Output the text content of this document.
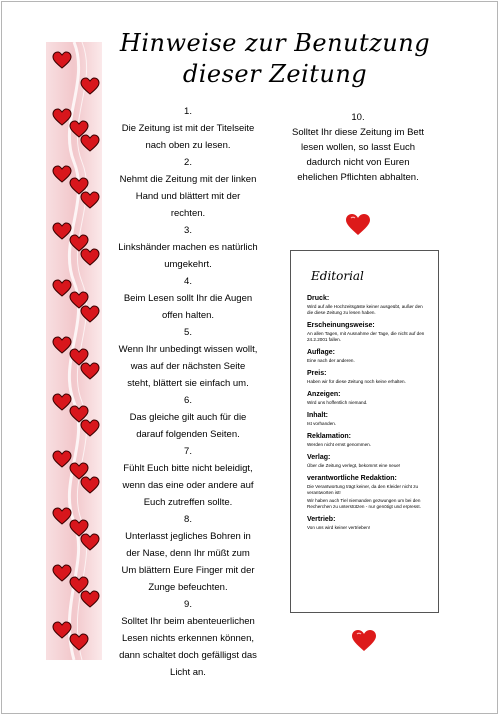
Hinweise zur Benutzung
dieser Zeitung
1.
Die Zeitung ist mit der Titelseite nach oben zu lesen.
2.
Nehmt die Zeitung mit der linken Hand und blättert mit der rechten.
3.
Linkshänder machen es natürlich umgekehrt.
4.
Beim Lesen sollt Ihr die Augen offen halten.
5.
Wenn Ihr unbedingt wissen wollt, was auf der nächsten Seite steht, blättert sie einfach um.
6.
Das gleiche gilt auch für die darauf folgenden Seiten.
7.
Fühlt Euch bitte nicht beleidigt, wenn das eine oder andere auf Euch zutreffen sollte.
8.
Unterlasst jegliches Bohren in der Nase, denn Ihr müßt zum Um blättern Eure Finger mit der Zunge befeuchten.
9.
Solltet Ihr beim abenteuerlichen Lesen nichts erkennen können, dann schaltet doch gefälligst das Licht an.
10.
Solltet Ihr diese Zeitung im Bett lesen wollen, so lasst Euch dadurch nicht von Euren ehelichen Pflichten abhalten.
Editorial
Druck:
Wird auf alle Hochzeitsgäste keiner ausgeübt, außer den die diese Zeitung zu lesen haben.
Erscheinungsweise:
An allen Tagen, mit Ausnahme der Tage, die nicht auf den 24.2.2001 fallen.
Auflage:
Eine nach der anderen.
Preis:
Haben wir für diese Zeitung noch keine erhalten.
Anzeigen:
Wird uns hoffentlich niemand.
Inhalt:
Ist vorhanden.
Reklamation:
Werden nicht ernst genommen.
Verlag:
Über die Zeitung verlegt, bekommt eine neue!
verantwortliche Redaktion:
Die Verantwortung trägt keiner, da den Kleider nicht zu verantworten ist!
Wir haben auch Tiel niemanden gezwungen um bei den Recherchen zu unterstützen - nur genötigt und erpresst.
Vertrieb:
Von uns wird keiner vertrieben!
